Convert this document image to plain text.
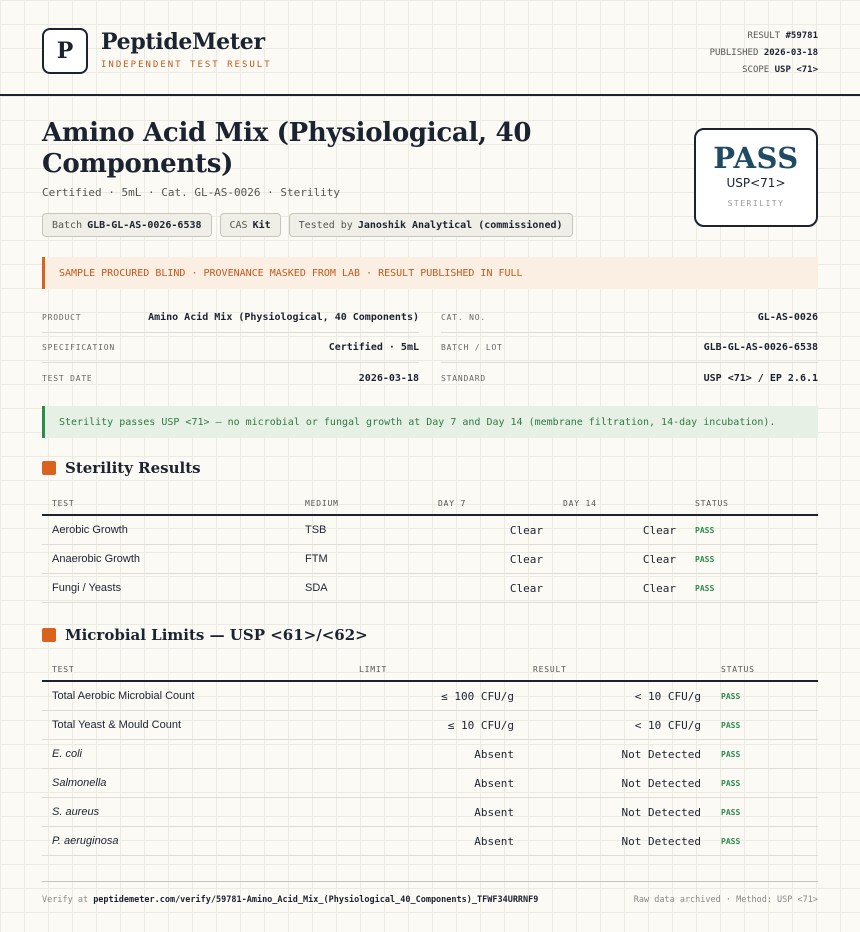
P	PeptideMeter
INDEPENDENT TEST RESULT
RESULT #59781
PUBLISHED 2026-03-18
SCOPE USP <71>
Amino Acid Mix (Physiological, 40 Components)
Certified · 5mL · Cat. GL-AS-0026 · Sterility
Batch GLB-GL-AS-0026-6538	CAS Kit	Tested by Janoshik Analytical (commissioned)
PASS
USP<71>
STERILITY
SAMPLE PROCURED BLIND · PROVENANCE MASKED FROM LAB · RESULT PUBLISHED IN FULL
PRODUCT	Amino Acid Mix (Physiological, 40 Components)
SPECIFICATION	Certified · 5mL
TEST DATE	2026-03-18
CAT. NO.	GL-AS-0026
BATCH / LOT	GLB-GL-AS-0026-6538
STANDARD	USP <71> / EP 2.6.1
Sterility passes USP <71> — no microbial or fungal growth at Day 7 and Day 14 (membrane filtration, 14-day incubation).
Sterility Results
TEST	MEDIUM	DAY 7	DAY 14	STATUS
Aerobic Growth	TSB	Clear	Clear PASS
Anaerobic Growth	FTM	Clear	Clear PASS
Fungi / Yeasts	SDA	Clear	Clear PASS
Microbial Limits — USP <61>/<62>
TEST	LIMIT	RESULT	STATUS
Total Aerobic Microbial Count	≤ 100 CFU/g	< 10 CFU/g	PASS
Total Yeast & Mould Count	≤ 10 CFU/g	< 10 CFU/g	PASS
E. coli	Absent	Not Detected	PASS
Salmonella	Absent	Not Detected	PASS
S. aureus	Absent	Not Detected	PASS
P. aeruginosa	Absent	Not Detected	PASS
Verify at peptidemeter.com/verify/59781-Amino_Acid_Mix_(Physiological_40_Components)_TFWF34URRNF9	Raw data archived · Method: USP <71>
